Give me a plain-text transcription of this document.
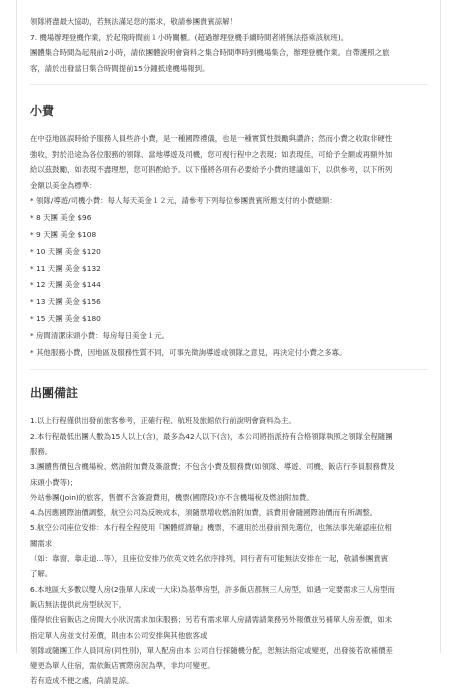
領隊將盡最大協助，若無法滿足您的需求，敬請參團貴賓諒解！
7. 機場辦理登機作業，於起飛時間前１小時關櫃。(超過辦理登機手續時間者將無法搭乘該航班)。
團體集合時間為起飛前2小時，請依團體說明會資料之集合時間準時到機場集合，辦理登機作業。自帶護照之旅
客，請於出發當日集合時間提前15分鐘抵達機場報到。
小費
在中亞地區誤時給予服務人員些許小費，是一種國際禮儀，也是一種實質性鼓勵與讚許；然而小費之收取非硬性
強收，對於沿途為各位服務的領隊、當地導遊及司機，您可視行程中之表現；如表現佳，可給予全額或再額外加
給以茲鼓勵，如表現不盡理想，您可斟酌給予。以下僅將各項有必要給予小費的建議如下，以供參考，以下所列
金額以美金為標準：
* 領隊/導遊/司機小費：每人每天美金１２元，請參考下列每位參團貴賓所應支付的小費總額：
* 8 天團 美金 $96
* 9 天團 美金 $108
* 10 天團 美金 $120
* 11 天團 美金 $132
* 12 天團 美金 $144
* 13 天團 美金 $156
* 15 天團 美金 $180
* 房間清潔床頭小費：每房每日美金１元。
* 其他服務小費，因地區及服務性質不同，可事先徵詢導遊或領隊之意見，再決定付小費之多寡。
出團備註
1.以上行程僅供出發前旅客參考，正確行程、航班及旅館依行前說明會資料為主。
2.本行程最低出團人數為15人以上(含)，最多為42人以下(含)，本公司將指派持有合格領隊執照之領隊全程隨團
服務。
3.團體售價包含機場稅、燃油附加費及簽證費；不包含小費及服務費(如領隊、導遊、司機、飯店行李員服務費及
床頭小費等)；
外站參團(Join)的旅客，售價不含簽證費用，機票(國際段)亦不含機場稅及燃油附加費。
4.為因應國際油價調整，航空公司為反映成本，須隨票增收燃油附加費，該費用會隨國際油價而有所調整。
5.航空公司座位安排：本行程全程使用『團體經濟艙』機票，不適用於出發前預先選位，也無法事先確認座位相
關需求
（如：靠窗、靠走道...等），且座位安排乃依英文姓名依序排列，同行者有可能無法安排在一起，敬請參團貴賓
了解。
6.本地區大多數以雙人房(2張單人床或一大床)為基準房型，許多飯店都無三人房型，如遇一定要需求三人房型而
飯店無法提供此房型狀況下，
僅得依住宿飯店之房間大小狀況需求加床服務；另若有需求單人房請需請業務另外報價並另補單人房差價，如未
指定單人房並支付差價，則由本公司安排與其他旅客或
領隊或隨團工作人員同房(同性別)，單人配房由本 公司自行採隨機分配，恕無法指定或變更，出發後若欲補價差
變更為單人住宿，需依飯店實際房況為準，非均可變更。
若有造成不便之處，尚請見諒。
